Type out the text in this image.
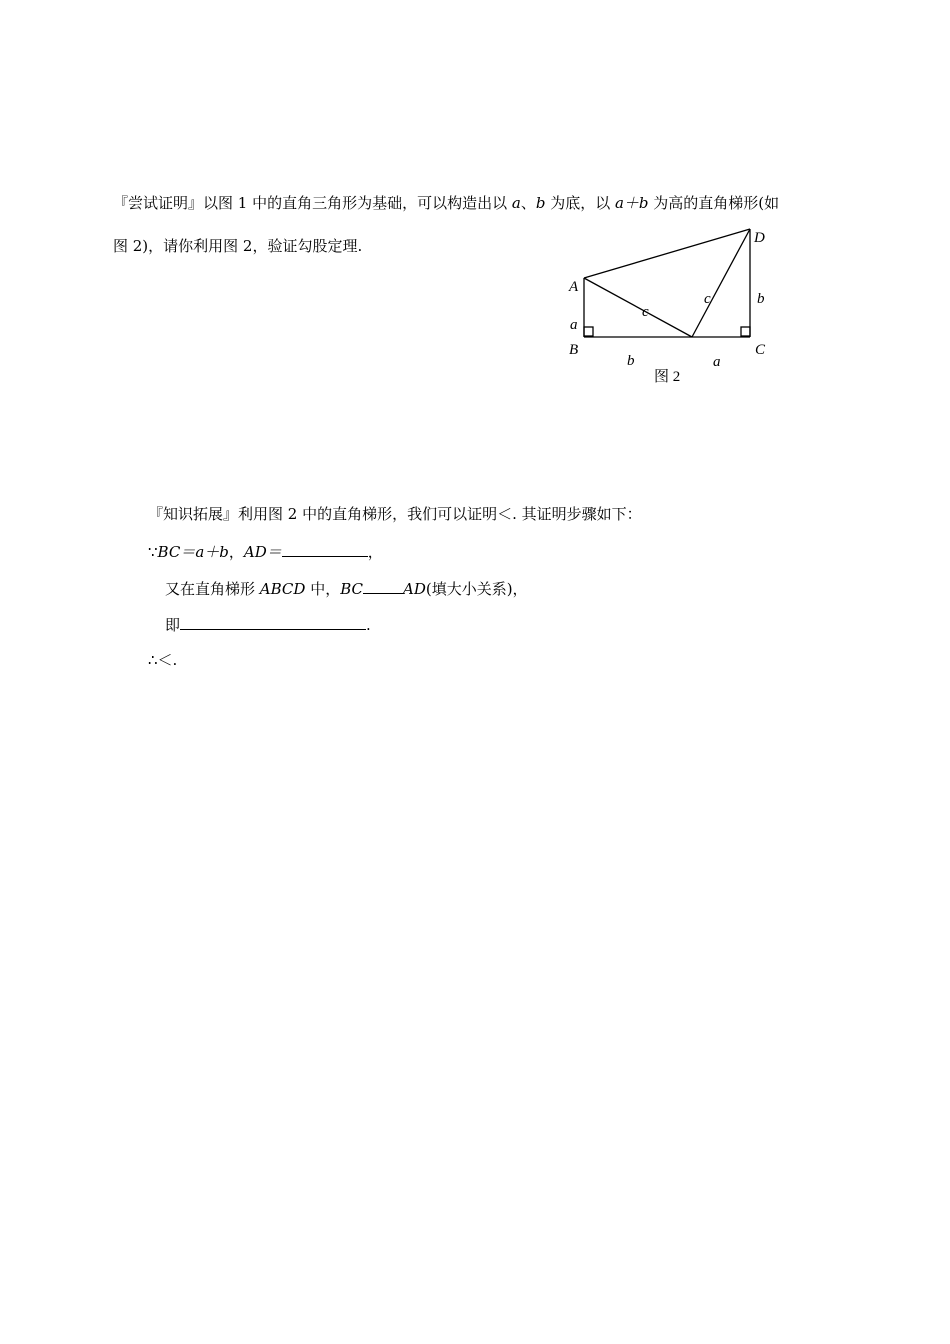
『尝试证明』以图 1 中的直角三角形为基础，可以构造出以 a、b 为底，以 a＋b 为高的直角梯形(如
图 2)，请你利用图 2，验证勾股定理.
A
B	C
D
a
b
c
c
b	a
图 2
『知识拓展』利用图 2 中的直角梯形，我们可以证明＜. 其证明步骤如下：
∵BC＝a＋b，AD＝	，
又在直角梯形 ABCD 中，BC	AD(填大小关系)，
即	.
∴＜.
